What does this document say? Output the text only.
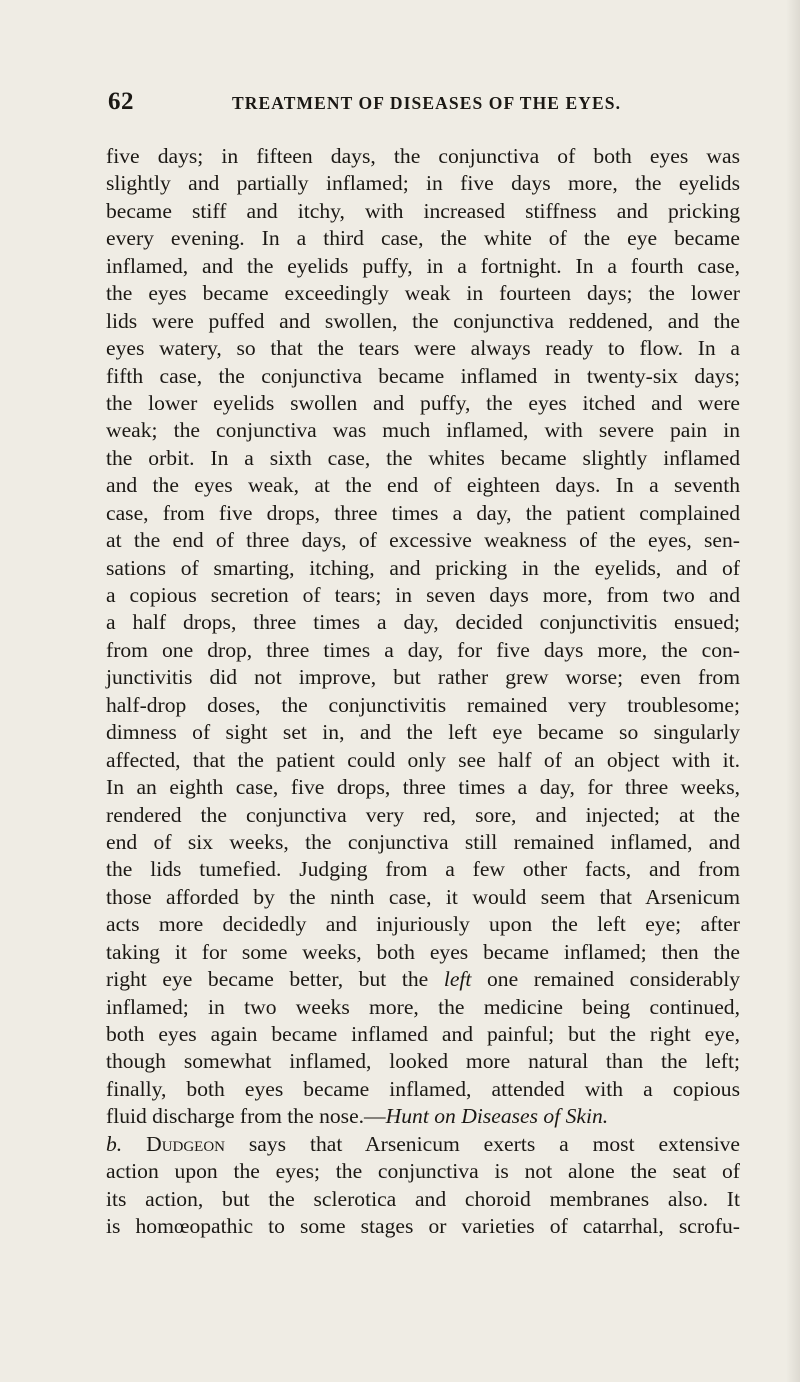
62	TREATMENT OF DISEASES OF THE EYES.
five days; in fifteen days, the conjunctiva of both eyes was
slightly and partially inflamed; in five days more, the eyelids
became stiff and itchy, with increased stiffness and pricking
every evening. In a third case, the white of the eye became
inflamed, and the eyelids puffy, in a fortnight. In a fourth case,
the eyes became exceedingly weak in fourteen days; the lower
lids were puffed and swollen, the conjunctiva reddened, and the
eyes watery, so that the tears were always ready to flow. In a
fifth case, the conjunctiva became inflamed in twenty-six days;
the lower eyelids swollen and puffy, the eyes itched and were
weak; the conjunctiva was much inflamed, with severe pain in
the orbit. In a sixth case, the whites became slightly inflamed
and the eyes weak, at the end of eighteen days. In a seventh
case, from five drops, three times a day, the patient complained
at the end of three days, of excessive weakness of the eyes, sen-
sations of smarting, itching, and pricking in the eyelids, and of
a copious secretion of tears; in seven days more, from two and
a half drops, three times a day, decided conjunctivitis ensued;
from one drop, three times a day, for five days more, the con-
junctivitis did not improve, but rather grew worse; even from
half-drop doses, the conjunctivitis remained very troublesome;
dimness of sight set in, and the left eye became so singularly
affected, that the patient could only see half of an object with it.
In an eighth case, five drops, three times a day, for three weeks,
rendered the conjunctiva very red, sore, and injected; at the
end of six weeks, the conjunctiva still remained inflamed, and
the lids tumefied. Judging from a few other facts, and from
those afforded by the ninth case, it would seem that Arsenicum
acts more decidedly and injuriously upon the left eye; after
taking it for some weeks, both eyes became inflamed; then the
right eye became better, but the left one remained considerably
inflamed; in two weeks more, the medicine being continued,
both eyes again became inflamed and painful; but the right eye,
though somewhat inflamed, looked more natural than the left;
finally, both eyes became inflamed, attended with a copious
fluid discharge from the nose.—Hunt on Diseases of Skin.
b. Dudgeon says that Arsenicum exerts a most extensive
action upon the eyes; the conjunctiva is not alone the seat of
its action, but the sclerotica and choroid membranes also. It
is homœopathic to some stages or varieties of catarrhal, scrofu-
